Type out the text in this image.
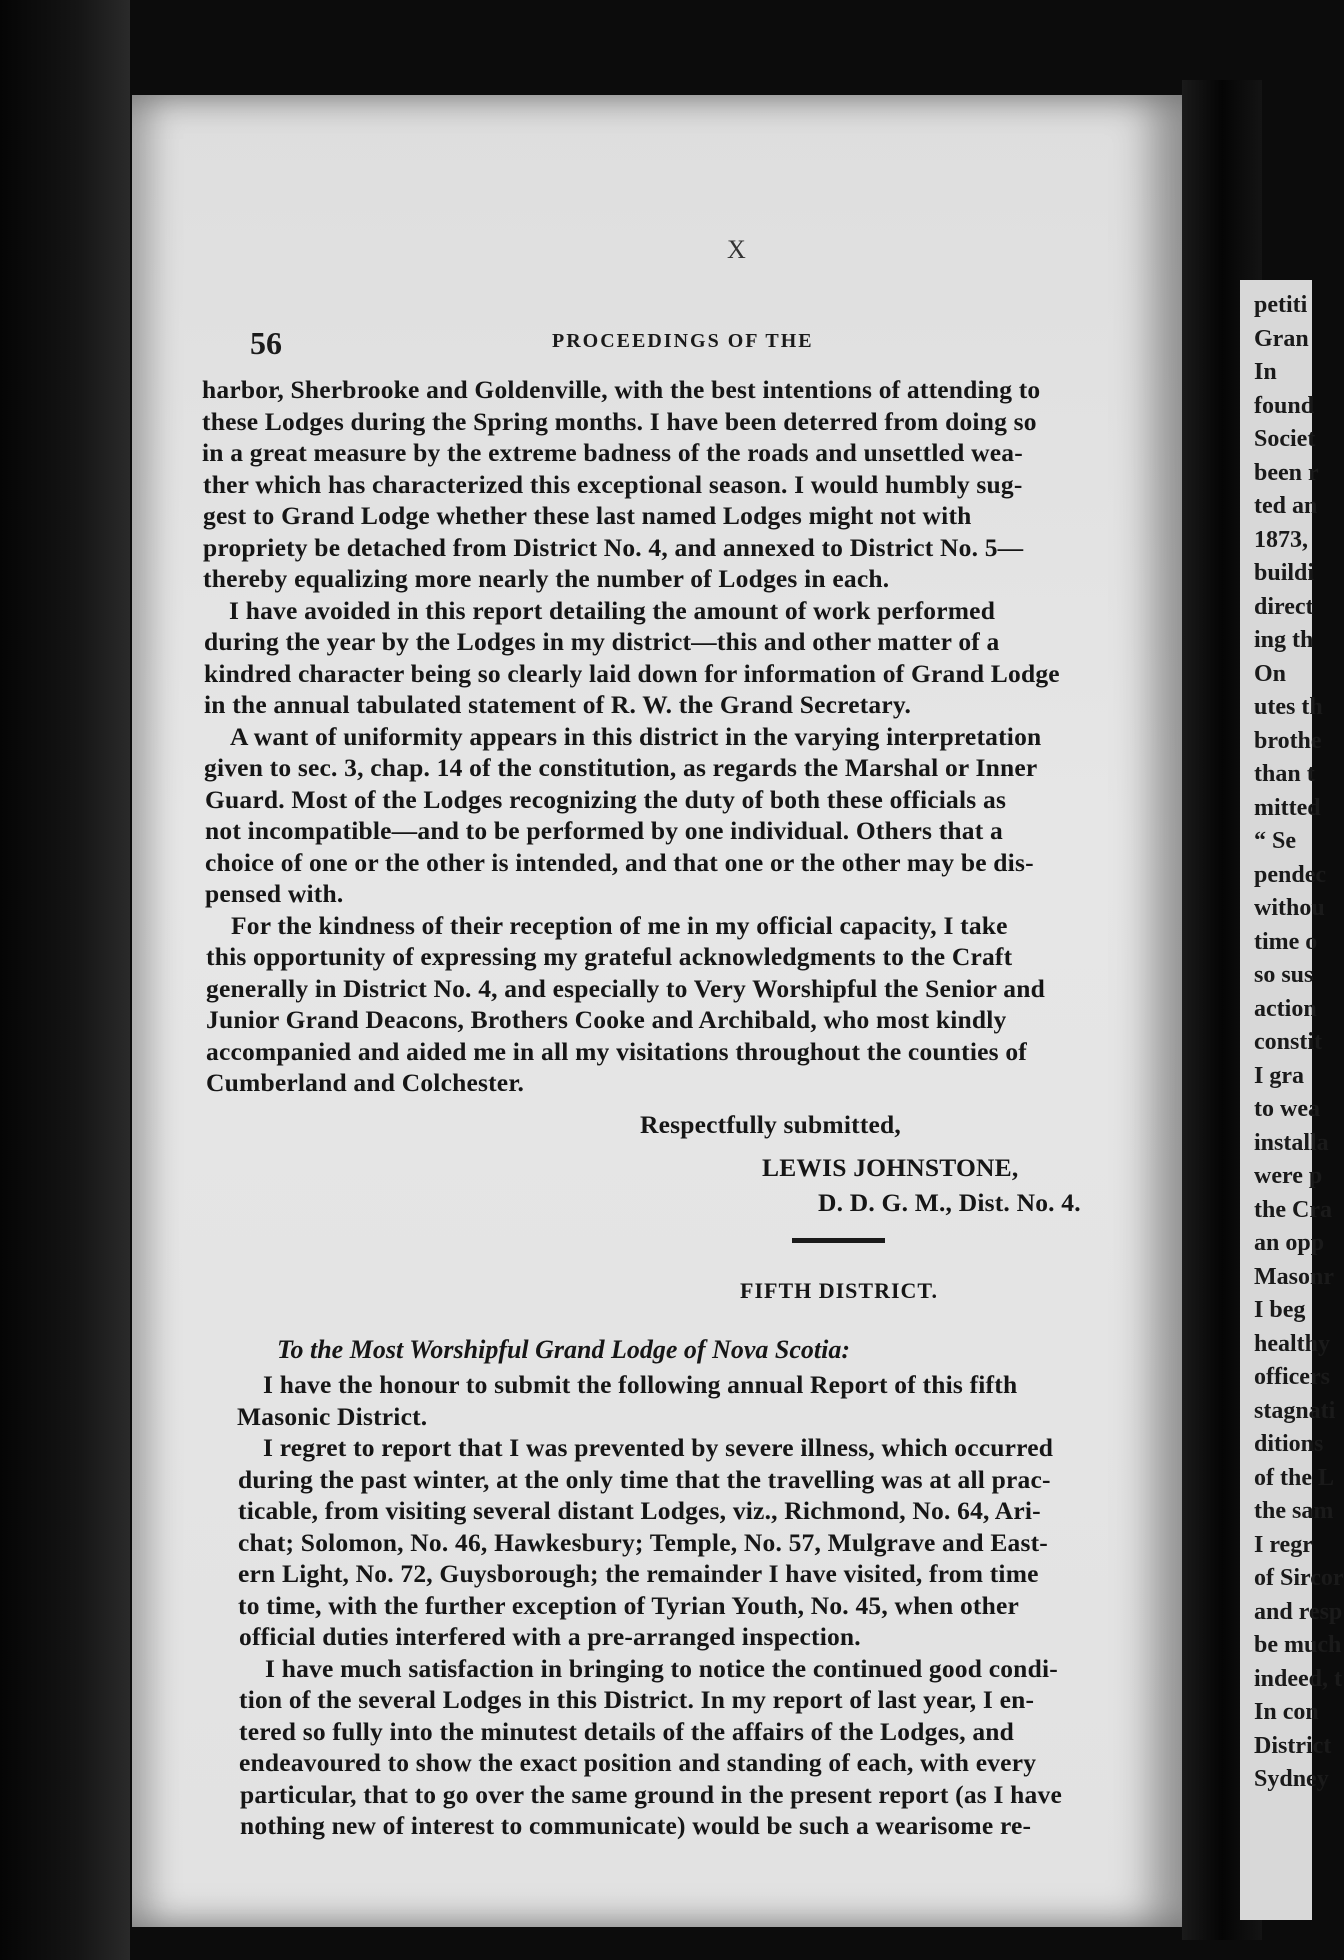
petiti
Gran
In
found
Societ
been r
ted an
1873,
buildi
direct
ing th
On
utes th
brothe
than t
mitted
“ Se
pendec
withou
time o
so sus
action
constit
I gra
to wea
installa
were p
the Cra
an opp
Masonr
I beg
healthy
officers
stagnati
ditions
of the L
the sam
I regr
of Sircor
and resp
be much
indeed, t
In con
District
Sydney
X
56	PROCEEDINGS OF THE
harbor, Sherbrooke and Goldenville, with the best intentions of attending to
these Lodges during the Spring months. I have been deterred from doing so
in a great measure by the extreme badness of the roads and unsettled wea-
ther which has characterized this exceptional season. I would humbly sug-
gest to Grand Lodge whether these last named Lodges might not with
propriety be detached from District No. 4, and annexed to District No. 5—
thereby equalizing more nearly the number of Lodges in each.
I have avoided in this report detailing the amount of work performed
during the year by the Lodges in my district—this and other matter of a
kindred character being so clearly laid down for information of Grand Lodge
in the annual tabulated statement of R. W. the Grand Secretary.
A want of uniformity appears in this district in the varying interpretation
given to sec. 3, chap. 14 of the constitution, as regards the Marshal or Inner
Guard. Most of the Lodges recognizing the duty of both these officials as
not incompatible—and to be performed by one individual. Others that a
choice of one or the other is intended, and that one or the other may be dis-
pensed with.
For the kindness of their reception of me in my official capacity, I take
this opportunity of expressing my grateful acknowledgments to the Craft
generally in District No. 4, and especially to Very Worshipful the Senior and
Junior Grand Deacons, Brothers Cooke and Archibald, who most kindly
accompanied and aided me in all my visitations throughout the counties of
Cumberland and Colchester.
Respectfully submitted,
LEWIS JOHNSTONE,
D. D. G. M., Dist. No. 4.
FIFTH DISTRICT.
To the Most Worshipful Grand Lodge of Nova Scotia:
I have the honour to submit the following annual Report of this fifth
Masonic District.
I regret to report that I was prevented by severe illness, which occurred
during the past winter, at the only time that the travelling was at all prac-
ticable, from visiting several distant Lodges, viz., Richmond, No. 64, Ari-
chat; Solomon, No. 46, Hawkesbury; Temple, No. 57, Mulgrave and East-
ern Light, No. 72, Guysborough; the remainder I have visited, from time
to time, with the further exception of Tyrian Youth, No. 45, when other
official duties interfered with a pre-arranged inspection.
I have much satisfaction in bringing to notice the continued good condi-
tion of the several Lodges in this District. In my report of last year, I en-
tered so fully into the minutest details of the affairs of the Lodges, and
endeavoured to show the exact position and standing of each, with every
particular, that to go over the same ground in the present report (as I have
nothing new of interest to communicate) would be such a wearisome re-
